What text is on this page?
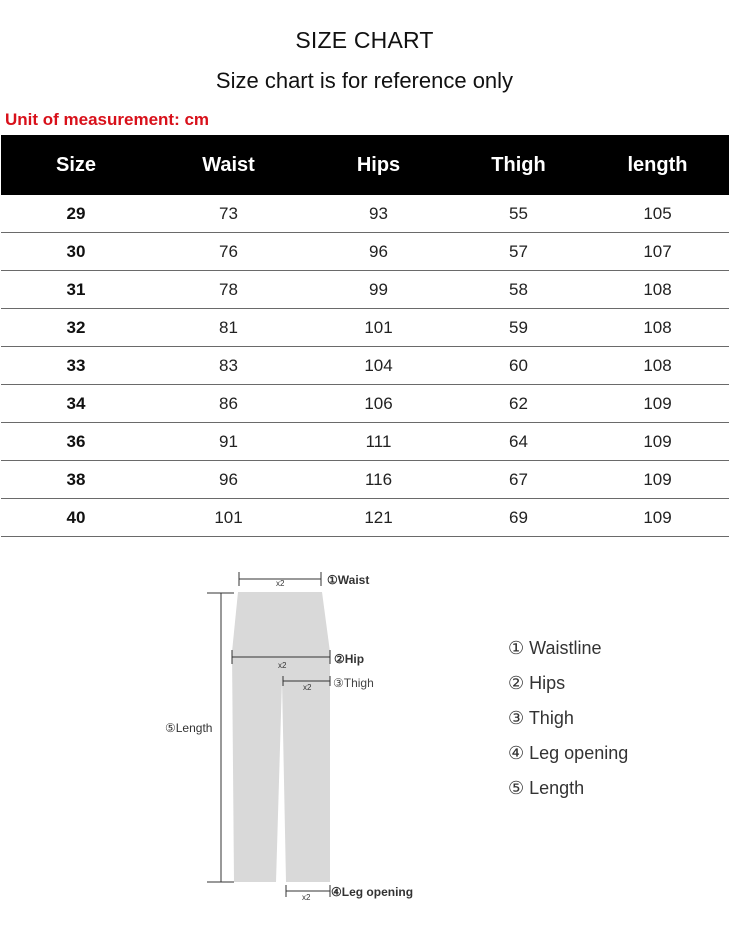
SIZE CHART
Size chart is for reference only
Unit of measurement: cm
Size	Waist	Hips	Thigh	length
29	73	93	55	105
30	76	96	57	107
31	78	99	58	108
32	81	101	59	108
33	83	104	60	108
34	86	106	62	109
36	91	111	64	109
38	96	116	67	109
40	101	121	69	109
x2	①Waist
x2	②Hip
x2 ③Thigh
⑤Length
x2 ④Leg opening
① Waistline
② Hips
③ Thigh
④ Leg opening
⑤ Length
